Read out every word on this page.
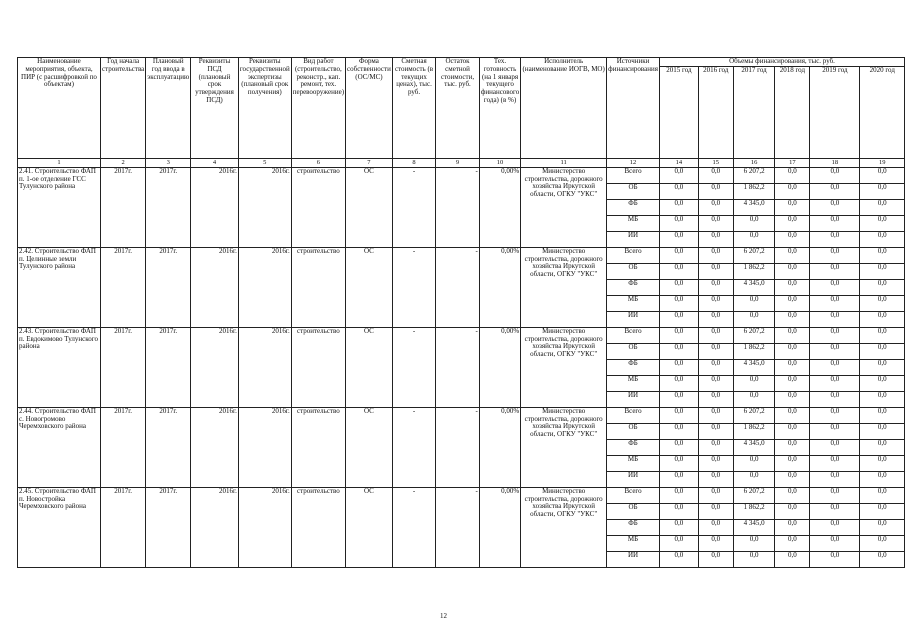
Наименование мероприятия, объекта, ПИР (с расшифровкой по объектам)	Год начала строительства	Плановый год ввода в эксплуатацию	Реквизиты ПСД (плановый срок утверждения ПСД)	Реквизиты государственной экспертизы (плановый срок получения)	Вид работ (строительство, реконстр., кап. ремонт, тех. перевооружение)	Форма собственности (ОС/МС)	Сметная стоимость (в текущих ценах), тыс. руб.	Остаток сметной стоимости, тыс. руб.	Тех. готовность (на 1 января текущего финансового года) (в %)	Исполнитель (наименование ИОГВ, МО)	Источники финансирования	Объемы финансирования, тыс. руб.					
												2015 год	2016 год	2017 год	2018 год	2019 год	2020 год
1	2	3	4	5	6	7	8	9	10	11	12	14	15	16	17	18	19
2.41. Строительство ФАП п. 1-ое отделение ГСС Тулунского района	2017г.	2017г.	2016г.	2016г.	строительство	ОС	-	-	0,00%	Министерство строительства, дорожного хозяйства Иркутской области, ОГКУ "УКС"	Всего	0,0	0,0	6 207,2	0,0	0,0	0,0
											ОБ	0,0	0,0	1 862,2	0,0	0,0	0,0
											ФБ	0,0	0,0	4 345,0	0,0	0,0	0,0
											МБ	0,0	0,0	0,0	0,0	0,0	0,0
											ИИ	0,0	0,0	0,0	0,0	0,0	0,0
2.42. Строительство ФАП п. Целинные земли Тулунского района	2017г.	2017г.	2016г.	2016г.	строительство	ОС	-	-	0,00%	Министерство строительства, дорожного хозяйства Иркутской области, ОГКУ "УКС"	Всего	0,0	0,0	6 207,2	0,0	0,0	0,0
											ОБ	0,0	0,0	1 862,2	0,0	0,0	0,0
											ФБ	0,0	0,0	4 345,0	0,0	0,0	0,0
											МБ	0,0	0,0	0,0	0,0	0,0	0,0
											ИИ	0,0	0,0	0,0	0,0	0,0	0,0
2.43. Строительство ФАП п. Евдокимово Тулунского района	2017г.	2017г.	2016г.	2016г.	строительство	ОС	-	-	0,00%	Министерство строительства, дорожного хозяйства Иркутской области, ОГКУ "УКС"	Всего	0,0	0,0	6 207,2	0,0	0,0	0,0
											ОБ	0,0	0,0	1 862,2	0,0	0,0	0,0
											ФБ	0,0	0,0	4 345,0	0,0	0,0	0,0
											МБ	0,0	0,0	0,0	0,0	0,0	0,0
											ИИ	0,0	0,0	0,0	0,0	0,0	0,0
2.44. Строительство ФАП с. Новогромово Черемховского района	2017г.	2017г.	2016г.	2016г.	строительство	ОС	-	-	0,00%	Министерство строительства, дорожного хозяйства Иркутской области, ОГКУ "УКС"	Всего	0,0	0,0	6 207,2	0,0	0,0	0,0
											ОБ	0,0	0,0	1 862,2	0,0	0,0	0,0
											ФБ	0,0	0,0	4 345,0	0,0	0,0	0,0
											МБ	0,0	0,0	0,0	0,0	0,0	0,0
											ИИ	0,0	0,0	0,0	0,0	0,0	0,0
2.45. Строительство ФАП п. Новостройка Черемховского района	2017г.	2017г.	2016г.	2016г.	строительство	ОС	-	-	0,00%	Министерство строительства, дорожного хозяйства Иркутской области, ОГКУ "УКС"	Всего	0,0	0,0	6 207,2	0,0	0,0	0,0
											ОБ	0,0	0,0	1 862,2	0,0	0,0	0,0
											ФБ	0,0	0,0	4 345,0	0,0	0,0	0,0
											МБ	0,0	0,0	0,0	0,0	0,0	0,0
											ИИ	0,0	0,0	0,0	0,0	0,0	0,0
12
